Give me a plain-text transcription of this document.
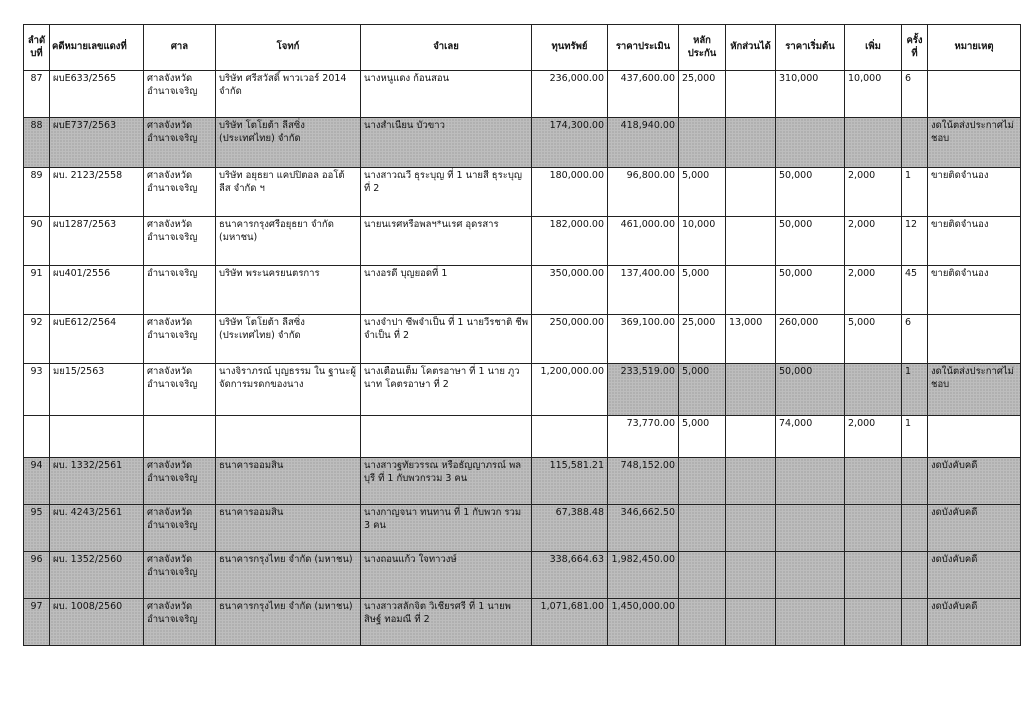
ลำดับที่	คดีหมายเลขแดงที่	ศาล	โจทก์	จำเลย	ทุนทรัพย์	ราคาประเมิน	หลักประกัน	หักส่วนได้	ราคาเริ่มต้น	เพิ่ม	ครั้งที่	หมายเหตุ
87	ผบE633/2565	ศาลจังหวัด อำนาจเจริญ	บริษัท ศรีสวัสดิ์ พาวเวอร์ 2014 จำกัด	นางหนูแดง ก้อนสอน	236,000.00	437,600.00	25,000		310,000	10,000	6	
88	ผบE737/2563	ศาลจังหวัด อำนาจเจริญ	บริษัท โตโยต้า ลีสซิ่ง (ประเทศไทย) จำกัด	นางสำเนียน บัวขาว	174,300.00	418,940.00						งดใน้ตส่งประกาศไม่ชอบ
89	ผบ. 2123/2558	ศาลจังหวัด อำนาจเจริญ	บริษัท อยุธยา แคปปิตอล ออโต้ ลีส จำกัด ฯ	นางสาวณวี ธุระบุญ ที่ 1 นายสี ธุระบุญ ที่ 2	180,000.00	96,800.00	5,000		50,000	2,000	1	ขายติดจำนอง
90	ผบ1287/2563	ศาลจังหวัด อำนาจเจริญ	ธนาคารกรุงศรีอยุธยา จำกัด (มหาชน)	นายนเรศหรือพลฯ*นเรศ อุดรสาร	182,000.00	461,000.00	10,000		50,000	2,000	12	ขายติดจำนอง
91	ผบ401/2556	อำนาจเจริญ	บริษัท พระนครยนตรการ	นางอรดี บุญยอดที่ 1	350,000.00	137,400.00	5,000		50,000	2,000	45	ขายติดจำนอง
92	ผบE612/2564	ศาลจังหวัด อำนาจเจริญ	บริษัท โตโยต้า ลีสซิ่ง (ประเทศไทย) จำกัด	นางจำปา ซีพจำเป็น ที่ 1 นายวีรชาติ ชีพจำเป็น ที่ 2	250,000.00	369,100.00	25,000	13,000	260,000	5,000	6	
93	มย15/2563	ศาลจังหวัด อำนาจเจริญ	นางจิราภรณ์ บุญธรรม ใน ฐานะผู้จัดการมรดกของนาง	นางเตือนเต็ม โคตรอาษา ที่ 1 นาย ภูวนาท โคตรอาษา ที่ 2	1,200,000.00	233,519.00	5,000		50,000		1	งดใน้ตส่งประกาศไม่ชอบ
						73,770.00	5,000		74,000	2,000	1	
94	ผบ. 1332/2561	ศาลจังหวัด อำนาจเจริญ	ธนาคารออมสิน	นางสาวฐทัยวรรณ หรือธัญญาภรณ์ พลบุรี ที่ 1 กับพวกรวม 3 คน	115,581.21	748,152.00						งดบังคับคดี
95	ผบ. 4243/2561	ศาลจังหวัด อำนาจเจริญ	ธนาคารออมสิน	นางกาญจนา ทนทาน ที่ 1 กับพวก รวม 3 คน	67,388.48	346,662.50						งดบังคับคดี
96	ผบ. 1352/2560	ศาลจังหวัด อำนาจเจริญ	ธนาคารกรุงไทย จำกัด (มหาชน)	นางถอนแก้ว ใจทาวงษ์	338,664.63	1,982,450.00						งดบังคับคดี
97	ผบ. 1008/2560	ศาลจังหวัด อำนาจเจริญ	ธนาคารกรุงไทย จำกัด (มหาชน)	นางสาวสลักจิต วิเชียรศรี ที่ 1 นายพสิษฐ์ ทอมณี ที่ 2	1,071,681.00	1,450,000.00						งดบังคับคดี
